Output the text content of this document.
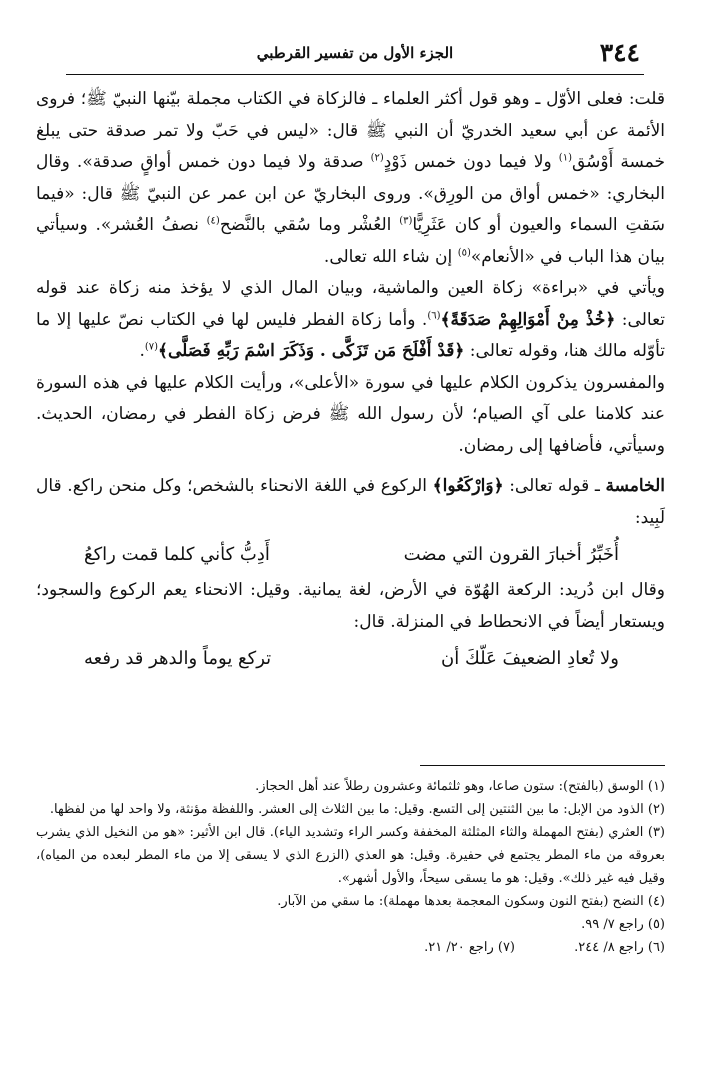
٣٤٤
الجزء الأول من تفسير القرطبي

قلت: فعلى الأوّل ـ وهو قول أكثر العلماء ـ فالزكاة في الكتاب مجملة بيّنها النبيّ ﷺ؛ فروى الأئمة عن أبي سعيد الخدريّ أن النبي ﷺ قال: «ليس في حَبّ ولا تمر صدقة حتى يبلغ خمسة أَوْسُق$^{(١)}$ ولا فيما دون خمس ذَوْدٍ$^{(٢)}$ صدقة ولا فيما دون خمس أواقٍ صدقة». وقال البخاري: «خمس أواق من الورِق». وروى البخاريّ عن ابن عمر عن النبيّ ﷺ قال: «فيما سَقتِ السماء والعيون أو كان عَثَرِيًّا$^{(٣)}$ العُشْر وما سُقي بالنَّضح$^{(٤)}$ نصفُ العُشر». وسيأتي بيان هذا الباب في «الأنعام»$^{(٥)}$ إن شاء الله تعالى.

ويأتي في «براءة» زكاة العين والماشية، وبيان المال الذي لا يؤخذ منه زكاة عند قوله تعالى: ﴿خُذْ مِنْ أَمْوَالِهِمْ صَدَقَةً﴾$^{(٦)}$. وأما زكاة الفطر فليس لها في الكتاب نصّ عليها إلا ما تأوّله مالك هنا، وقوله تعالى: ﴿قَدْ أَفْلَحَ مَن تَزَكَّى . وَذَكَرَ اسْمَ رَبِّهِ فَصَلَّى﴾$^{(٧)}$.

والمفسرون يذكرون الكلام عليها في سورة «الأعلى»، ورأيت الكلام عليها في هذه السورة عند كلامنا على آي الصيام؛ لأن رسول الله ﷺ فرض زكاة الفطر في رمضان، الحديث. وسيأتي، فأضافها إلى رمضان.

الخامسة ـ قوله تعالى: ﴿وَارْكَعُوا﴾ الركوع في اللغة الانحناء بالشخص؛ وكل منحن راكع. قال لَبِيد:

أُخَبِّرُ أخبارَ القرون التي مضت
أَدِبُّ كأني كلما قمت راكعُ

وقال ابن دُريد: الركعة الهُوّة في الأرض، لغة يمانية. وقيل: الانحناء يعم الركوع والسجود؛ ويستعار أيضاً في الانحطاط في المنزلة. قال:

ولا تُعادِ الضعيفَ عَلّكَ أن
تركع يوماً والدهر قد رفعه

(١) الوسق (بالفتح): ستون صاعا، وهو ثلثمائة وعشرون رطلاً عند أهل الحجاز.

(٢) الذود من الإبل: ما بين الثنتين إلى التسع. وقيل: ما بين الثلاث إلى العشر. واللفظة مؤنثة، ولا واحد لها من لفظها.

(٣) العثري (بفتح المهملة والثاء المثلثة المخففة وكسر الراء وتشديد الياء). قال ابن الأثير: «هو من النخيل الذي يشرب بعروقه من ماء المطر يجتمع في حفيرة. وقيل: هو العذي (الزرع الذي لا يسقى إلا من ماء المطر لبعده من المياه)، وقيل فيه غير ذلك». وقيل: هو ما يسقى سيحاً، والأول أشهر».

(٤) النضح (بفتح النون وسكون المعجمة بعدها مهملة): ما سقي من الآبار.

(٥) راجع ٧/ ٩٩.

(٦) راجع ٨/ ٢٤٤.
(٧) راجع ٢٠/ ٢١.
